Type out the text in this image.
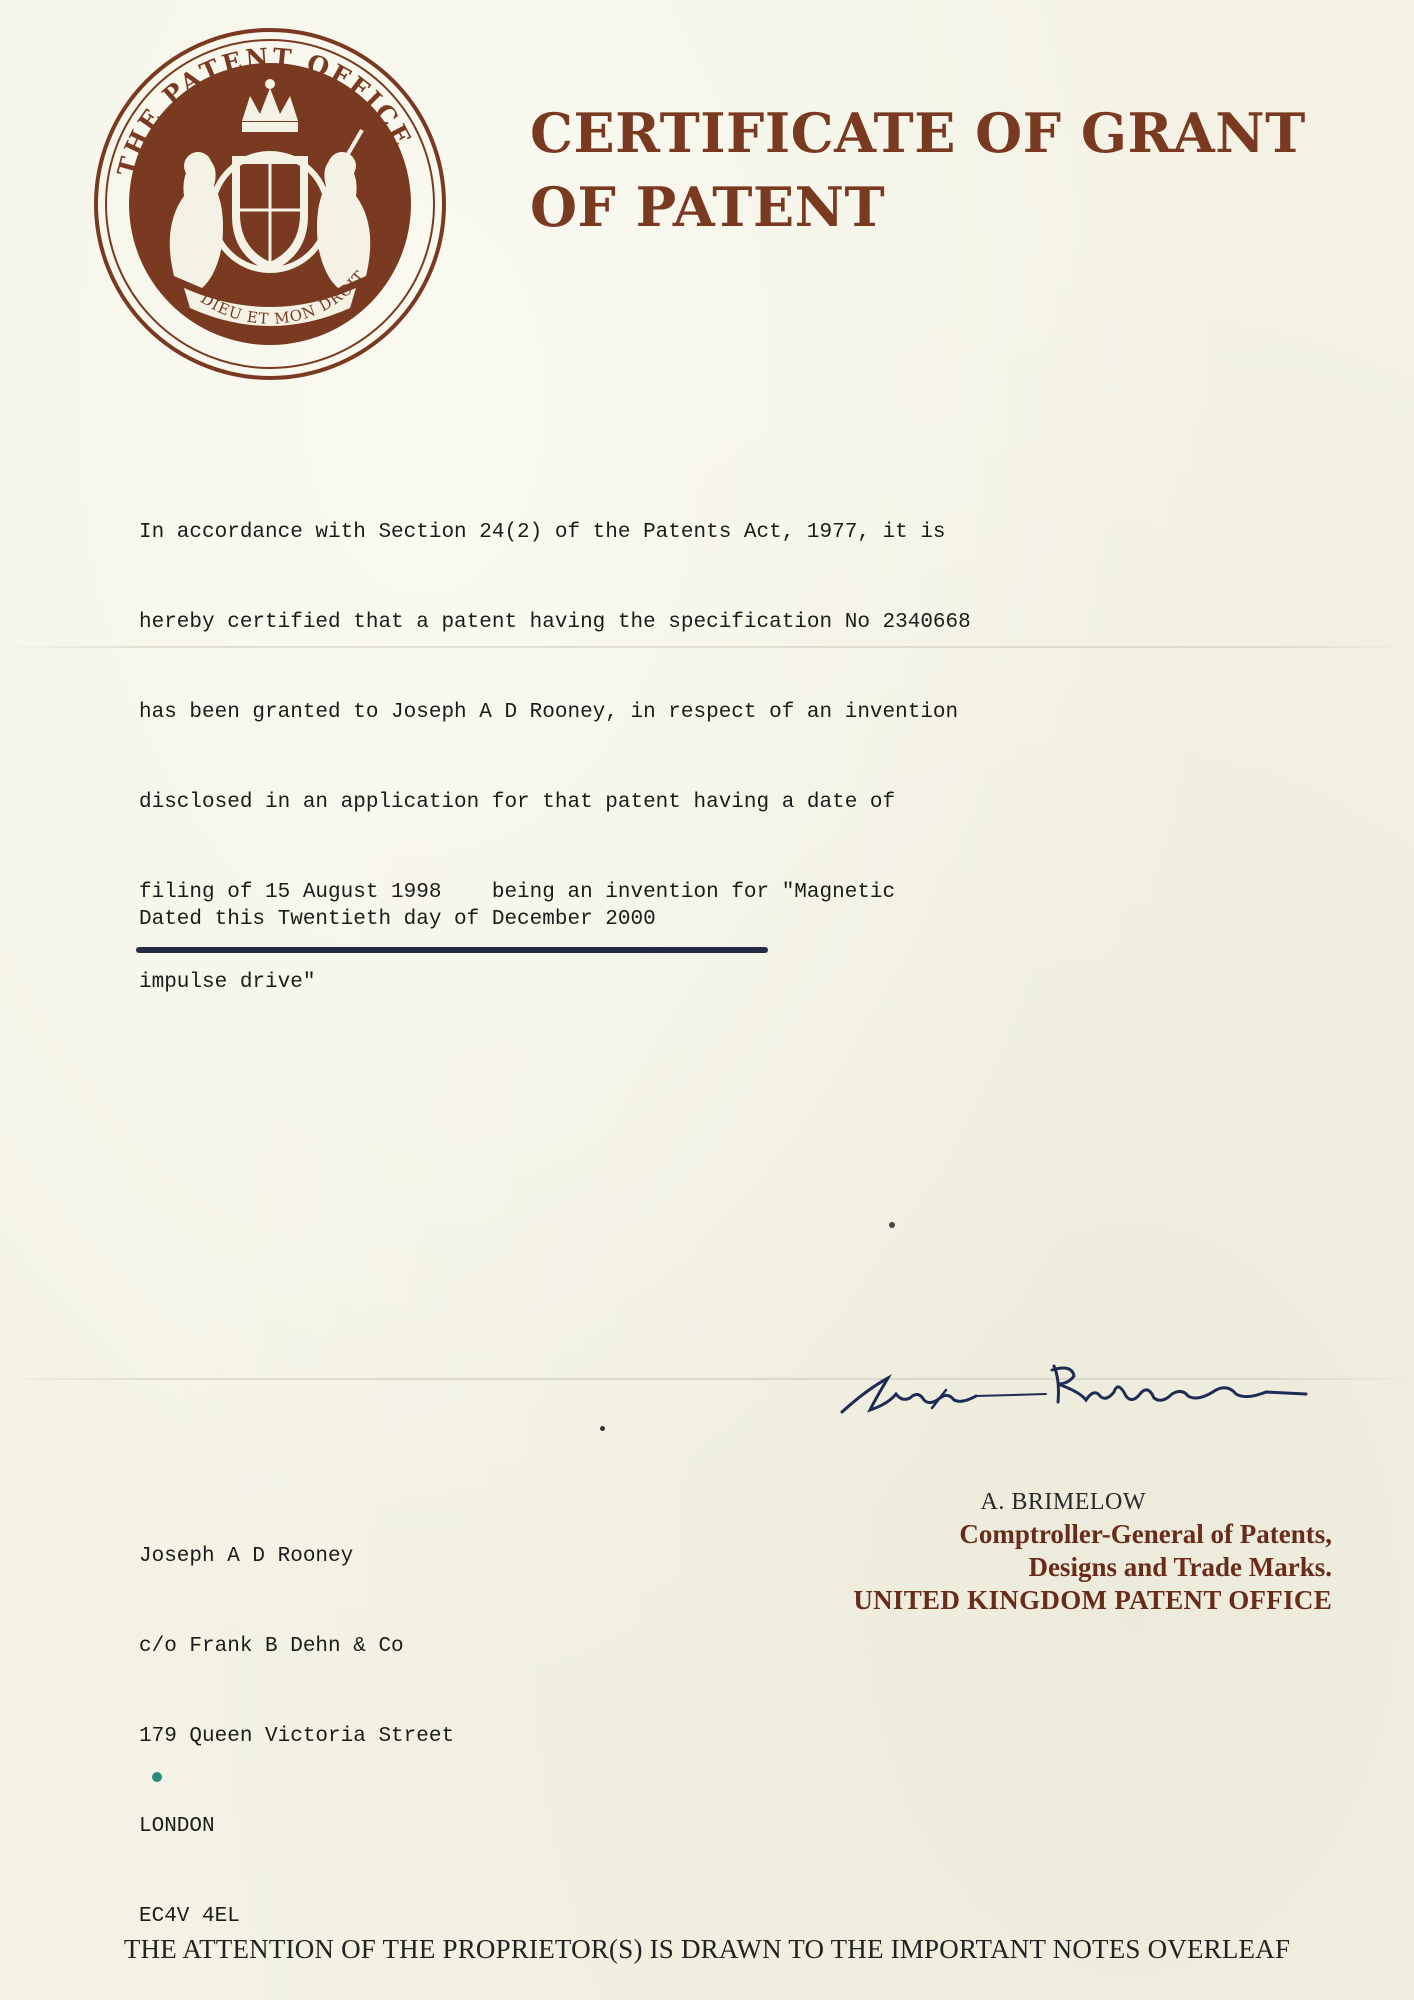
THE PATENT OFFICE
DIEU ET MON DROIT
CERTIFICATE OF GRANT
OF PATENT

In accordance with Section 24(2) of the Patents Act, 1977, it is

hereby certified that a patent having the specification No 2340668

has been granted to Joseph A D Rooney, in respect of an invention

disclosed in an application for that patent having a date of

filing of 15 August 1998    being an invention for "Magnetic

impulse drive"

Dated this Twentieth day of December 2000

Joseph A D Rooney

c/o Frank B Dehn & Co

179 Queen Victoria Street

LONDON

EC4V 4EL

A. BRIMELOW
Comptroller-General of Patents,
Designs and Trade Marks.
UNITED KINGDOM PATENT OFFICE
THE ATTENTION OF THE PROPRIETOR(S) IS DRAWN TO THE IMPORTANT NOTES OVERLEAF
